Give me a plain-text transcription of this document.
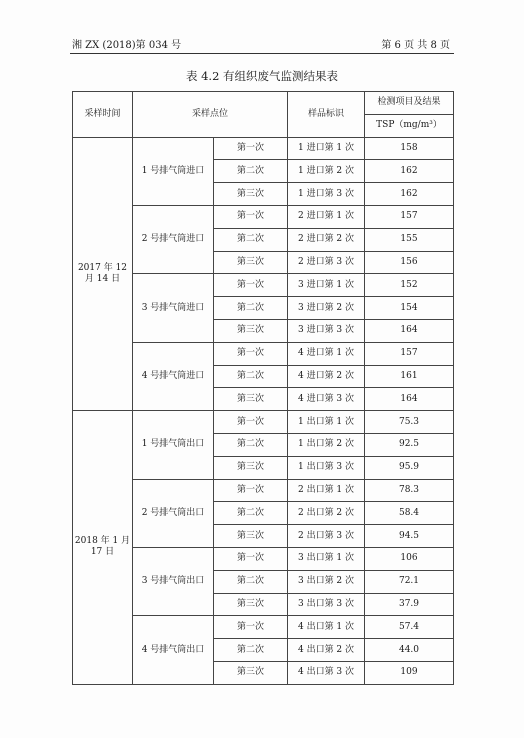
湘 ZX (2018)第 034 号	第 6 页 共 8 页
表 4.2 有组织废气监测结果表
采样时间	采样点位		样品标识	检测项目及结果
				TSP（mg/m³）
2017 年 12 月 14 日	1 号排气筒进口	第一次	1 进口第 1 次	158
		第二次	1 进口第 2 次	162
		第三次	1 进口第 3 次	162
	2 号排气筒进口	第一次	2 进口第 1 次	157
		第二次	2 进口第 2 次	155
		第三次	2 进口第 3 次	156
	3 号排气筒进口	第一次	3 进口第 1 次	152
		第二次	3 进口第 2 次	154
		第三次	3 进口第 3 次	164
	4 号排气筒进口	第一次	4 进口第 1 次	157
		第二次	4 进口第 2 次	161
		第三次	4 进口第 3 次	164
2018 年 1 月 17 日	1 号排气筒出口	第一次	1 出口第 1 次	75.3
		第二次	1 出口第 2 次	92.5
		第三次	1 出口第 3 次	95.9
	2 号排气筒出口	第一次	2 出口第 1 次	78.3
		第二次	2 出口第 2 次	58.4
		第三次	2 出口第 3 次	94.5
	3 号排气筒出口	第一次	3 出口第 1 次	106
		第二次	3 出口第 2 次	72.1
		第三次	3 出口第 3 次	37.9
	4 号排气筒出口	第一次	4 出口第 1 次	57.4
		第二次	4 出口第 2 次	44.0
		第三次	4 出口第 3 次	109
